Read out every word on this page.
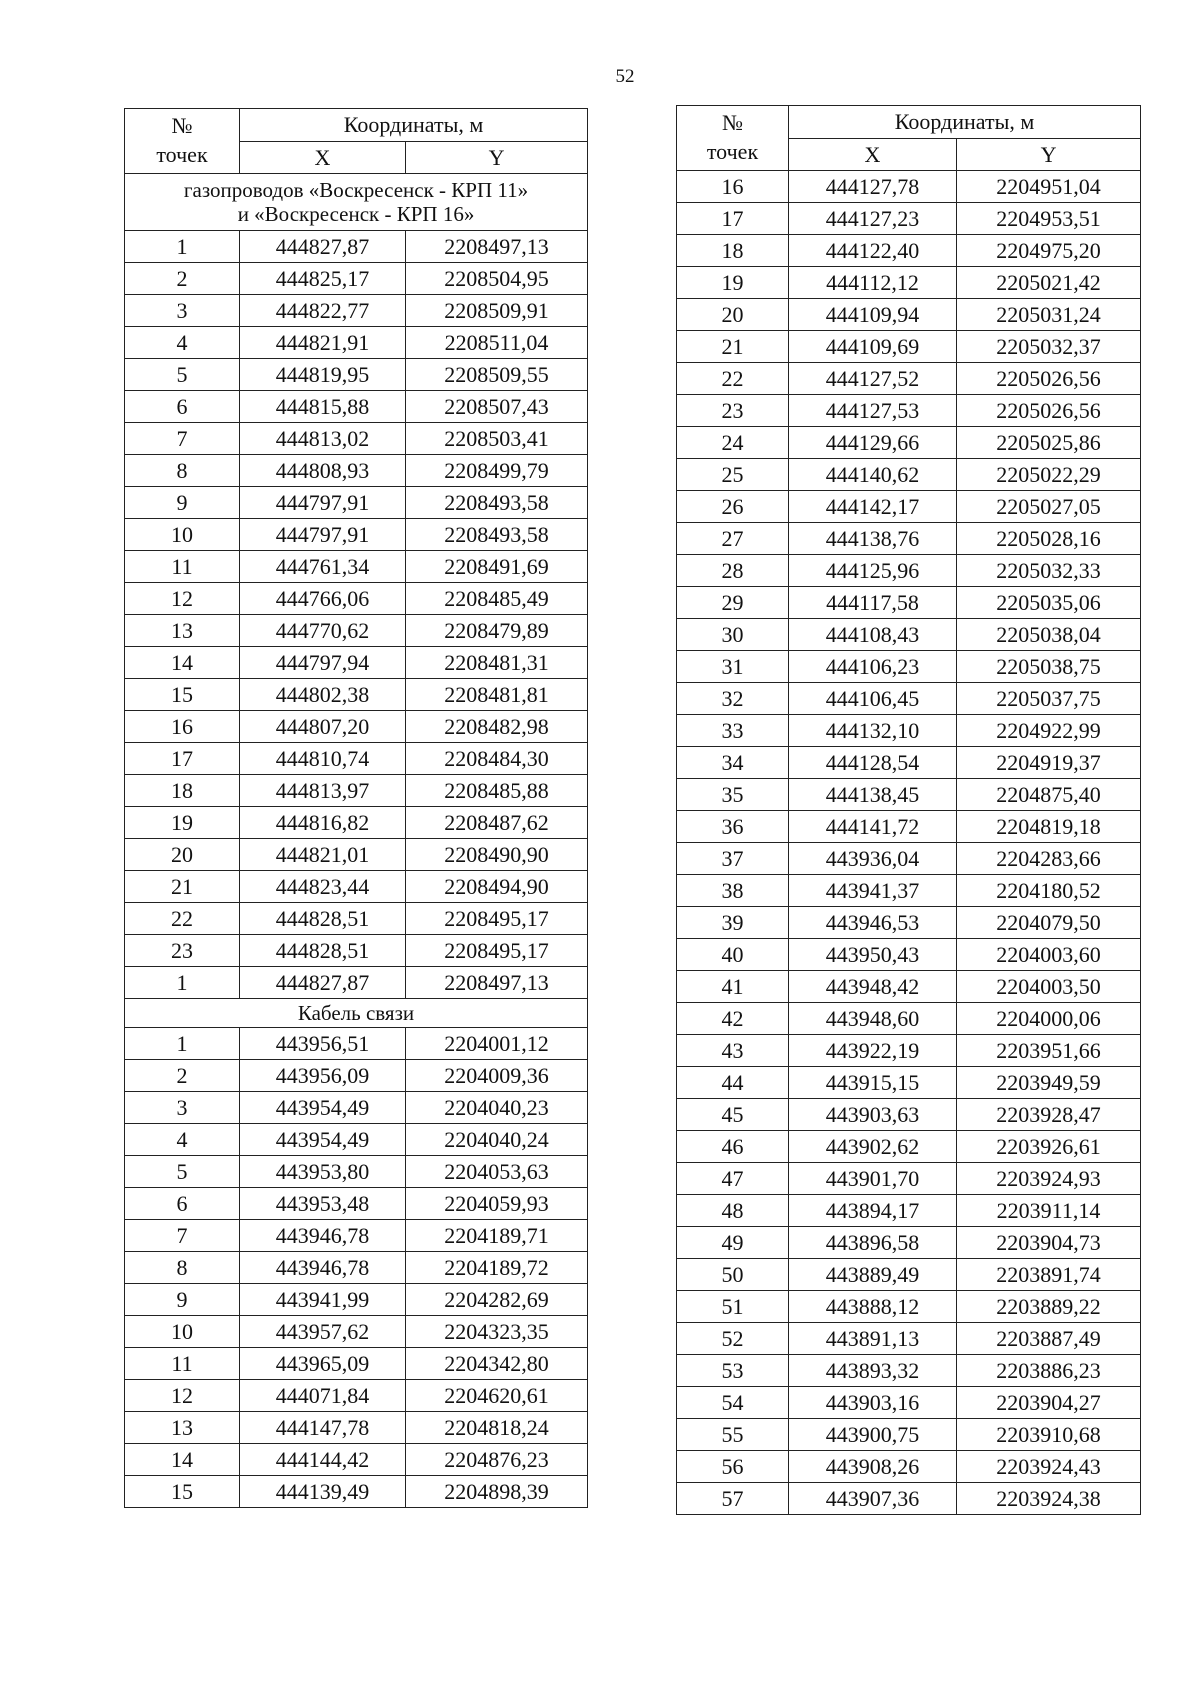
52
№
точек	Координаты, м	
	X	Y
газопроводов «Воскресенск - КРП 11»
и «Воскресенск - КРП 16»		
1	444827,87	2208497,13
2	444825,17	2208504,95
3	444822,77	2208509,91
4	444821,91	2208511,04
5	444819,95	2208509,55
6	444815,88	2208507,43
7	444813,02	2208503,41
8	444808,93	2208499,79
9	444797,91	2208493,58
10	444797,91	2208493,58
11	444761,34	2208491,69
12	444766,06	2208485,49
13	444770,62	2208479,89
14	444797,94	2208481,31
15	444802,38	2208481,81
16	444807,20	2208482,98
17	444810,74	2208484,30
18	444813,97	2208485,88
19	444816,82	2208487,62
20	444821,01	2208490,90
21	444823,44	2208494,90
22	444828,51	2208495,17
23	444828,51	2208495,17
1	444827,87	2208497,13
Кабель связи		
1	443956,51	2204001,12
2	443956,09	2204009,36
3	443954,49	2204040,23
4	443954,49	2204040,24
5	443953,80	2204053,63
6	443953,48	2204059,93
7	443946,78	2204189,71
8	443946,78	2204189,72
9	443941,99	2204282,69
10	443957,62	2204323,35
11	443965,09	2204342,80
12	444071,84	2204620,61
13	444147,78	2204818,24
14	444144,42	2204876,23
15	444139,49	2204898,39
№
точек	Координаты, м	
	X	Y
16	444127,78	2204951,04
17	444127,23	2204953,51
18	444122,40	2204975,20
19	444112,12	2205021,42
20	444109,94	2205031,24
21	444109,69	2205032,37
22	444127,52	2205026,56
23	444127,53	2205026,56
24	444129,66	2205025,86
25	444140,62	2205022,29
26	444142,17	2205027,05
27	444138,76	2205028,16
28	444125,96	2205032,33
29	444117,58	2205035,06
30	444108,43	2205038,04
31	444106,23	2205038,75
32	444106,45	2205037,75
33	444132,10	2204922,99
34	444128,54	2204919,37
35	444138,45	2204875,40
36	444141,72	2204819,18
37	443936,04	2204283,66
38	443941,37	2204180,52
39	443946,53	2204079,50
40	443950,43	2204003,60
41	443948,42	2204003,50
42	443948,60	2204000,06
43	443922,19	2203951,66
44	443915,15	2203949,59
45	443903,63	2203928,47
46	443902,62	2203926,61
47	443901,70	2203924,93
48	443894,17	2203911,14
49	443896,58	2203904,73
50	443889,49	2203891,74
51	443888,12	2203889,22
52	443891,13	2203887,49
53	443893,32	2203886,23
54	443903,16	2203904,27
55	443900,75	2203910,68
56	443908,26	2203924,43
57	443907,36	2203924,38
